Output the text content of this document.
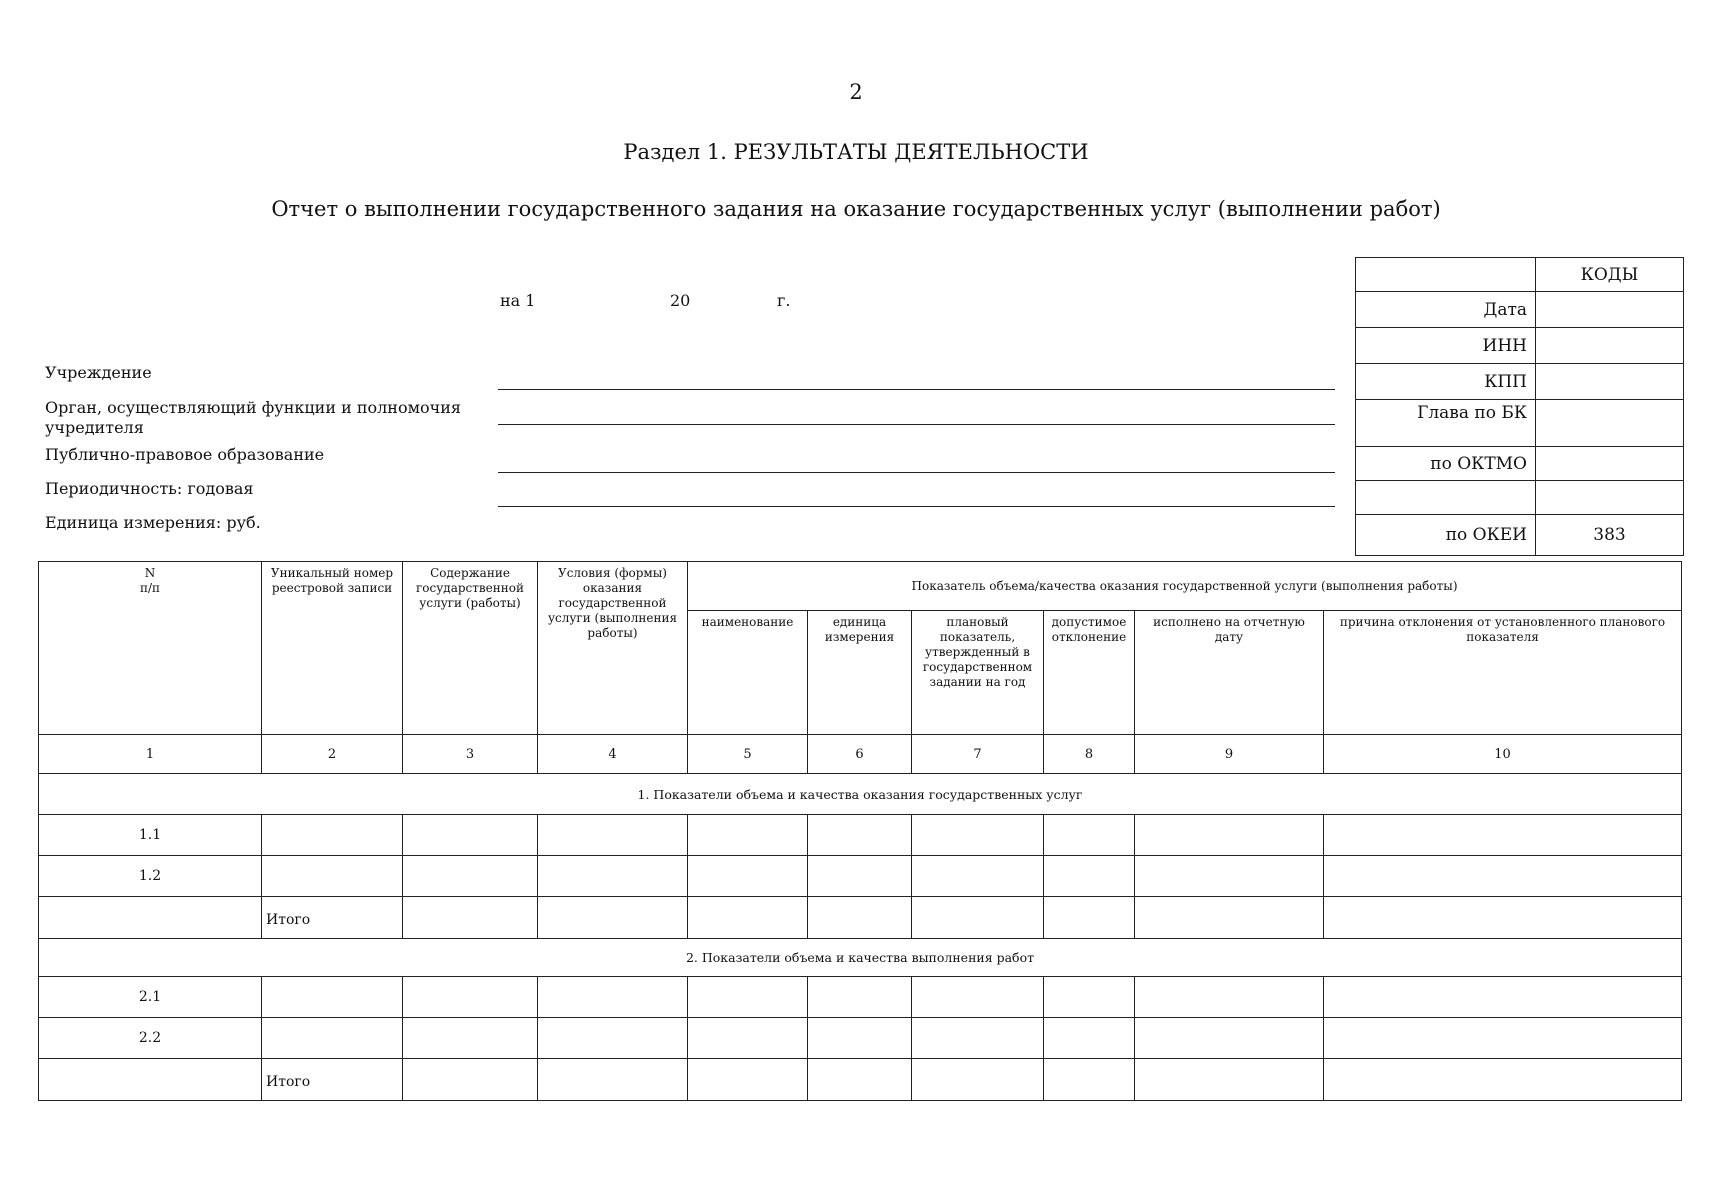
2
Раздел 1. РЕЗУЛЬТАТЫ ДЕЯТЕЛЬНОСТИ
Отчет о выполнении государственного задания на оказание государственных услуг (выполнении работ)
на 1	20	г.
Учреждение
Орган, осуществляющий функции и полномочия
учредителя
Публично-правовое образование
Периодичность: годовая
Единица измерения: руб.
	КОДЫ
Дата	
ИНН	
КПП	
Глава по БК	
по ОКТМО	

по ОКЕИ	383
N
п/п	Уникальный номер реестровой записи	Содержание государственной услуги (работы)	Условия (формы) оказания государственной услуги (выполнения работы)	Показатель объема/качества оказания государственной услуги (выполнения работы)					
				наименование	единица измерения	плановый показатель, утвержденный в государственном задании на год	допустимое отклонение	исполнено на отчетную дату	причина отклонения от установленного планового показателя
1	2	3	4	5	6	7	8	9	10
1. Показатели объема и качества оказания государственных услуг									
1.1									
1.2									
	Итого								
2. Показатели объема и качества выполнения работ									
2.1									
2.2									
	Итого								
